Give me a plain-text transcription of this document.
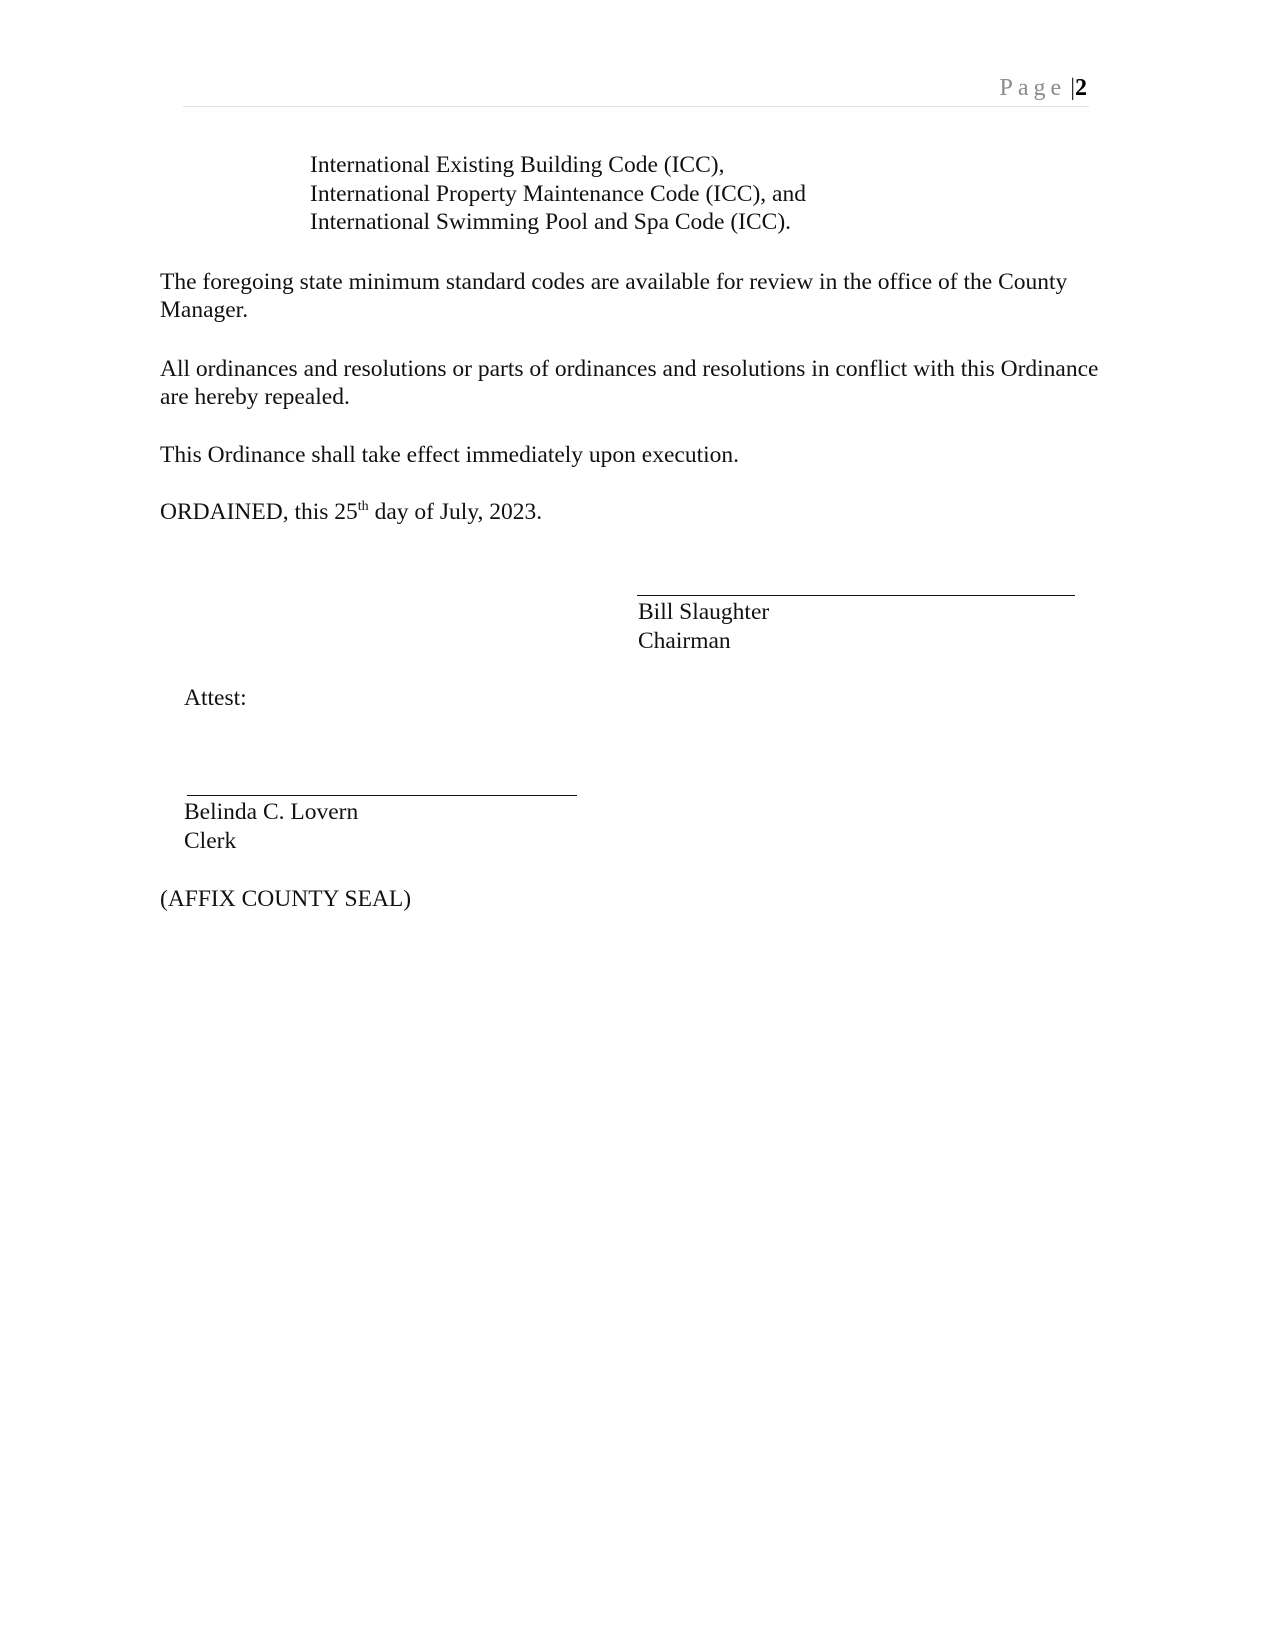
Page |2
International Existing Building Code (ICC),
International Property Maintenance Code (ICC), and
International Swimming Pool and Spa Code (ICC).
The foregoing state minimum standard codes are available for review in the office of the County Manager.
All ordinances and resolutions or parts of ordinances and resolutions in conflict with this Ordinance are hereby repealed.
This Ordinance shall take effect immediately upon execution.
ORDAINED, this 25th day of July, 2023.
Bill Slaughter
Chairman
Attest:
Belinda C. Lovern
Clerk
(AFFIX COUNTY SEAL)
